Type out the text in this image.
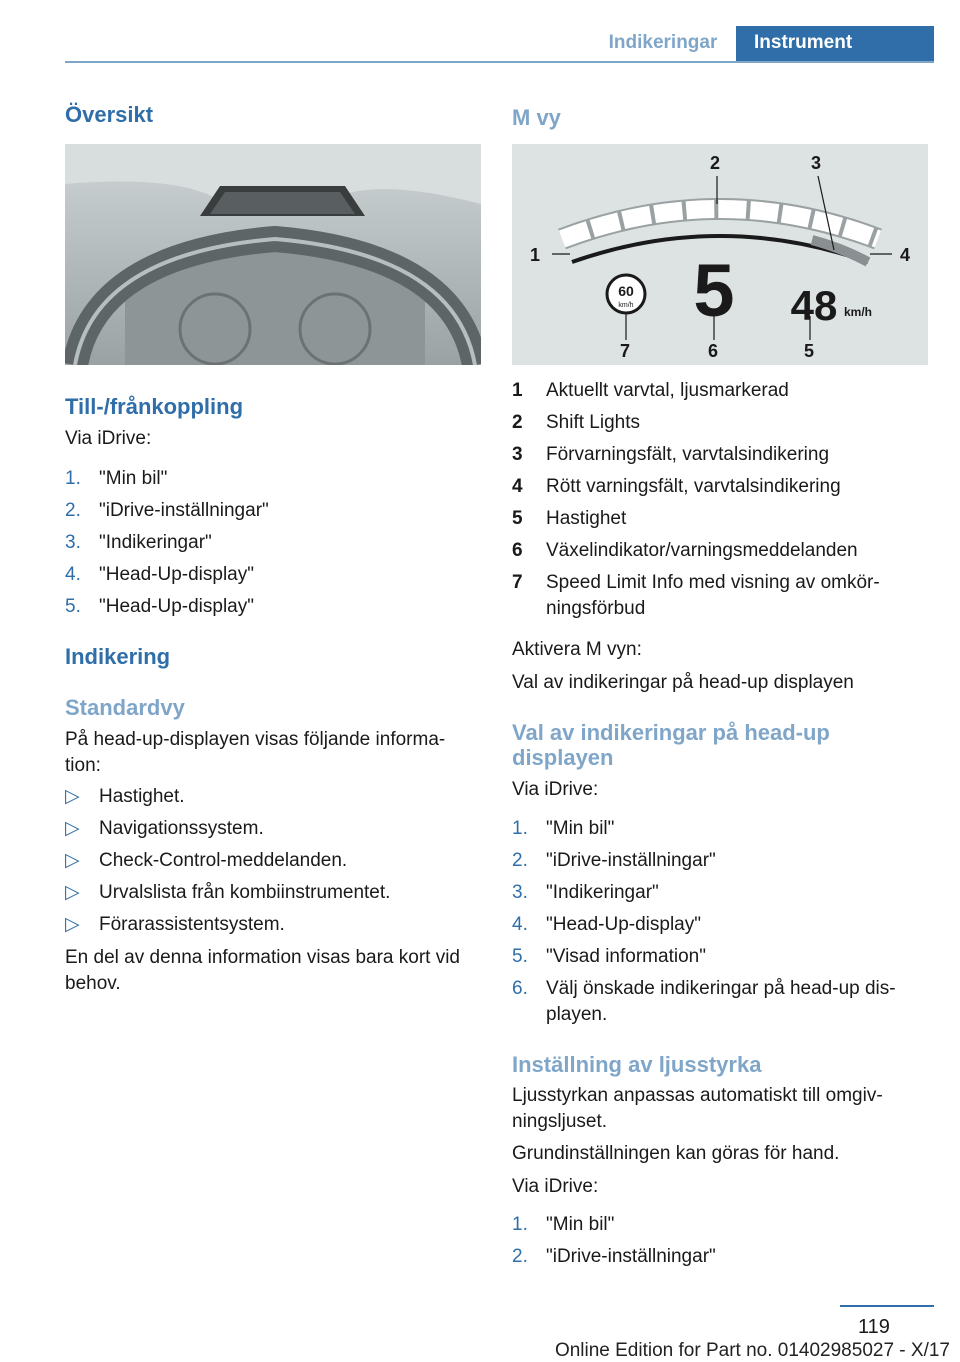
Indikeringar	Instrument
Översikt
Till-/frånkoppling

Via iDrive:

1. "Min bil"
2. "iDrive-inställningar"
3. "Indikeringar"
4. "Head-Up-display"
5. "Head-Up-display"
Indikering
Standardvy

På head-up-displayen visas följande informa-

tion:

▷ Hastighet.
▷ Navigationssystem.
▷ Check-Control-meddelanden.
▷ Urvalslista från kombiinstrumentet.
▷ Förarassistentsystem.

En del av denna information visas bara kort vid

behov.

M vy
60
km/h 5 48 km/h
1
2	3
4
5
6
7
1 Aktuellt varvtal, ljusmarkerad
2 Shift Lights
3 Förvarningsfält, varvtalsindikering
4 Rött varningsfält, varvtalsindikering
5 Hastighet
6 Växelindikator/varningsmeddelanden
7 Speed Limit Info med visning av omkör-
ningsförbud

Aktivera M vyn:

Val av indikeringar på head-up displayen

Val av indikeringar på head-up
displayen

Via iDrive:

1. "Min bil"
2. "iDrive-inställningar"
3. "Indikeringar"
4. "Head-Up-display"
5. "Visad information"
6. Välj önskade indikeringar på head-up dis-
playen.
Inställning av ljusstyrka

Ljusstyrkan anpassas automatiskt till omgiv-

ningsljuset.

Grundinställningen kan göras för hand.

Via iDrive:

1. "Min bil"
2. "iDrive-inställningar"
119
Online Edition for Part no. 01402985027 - X/17
